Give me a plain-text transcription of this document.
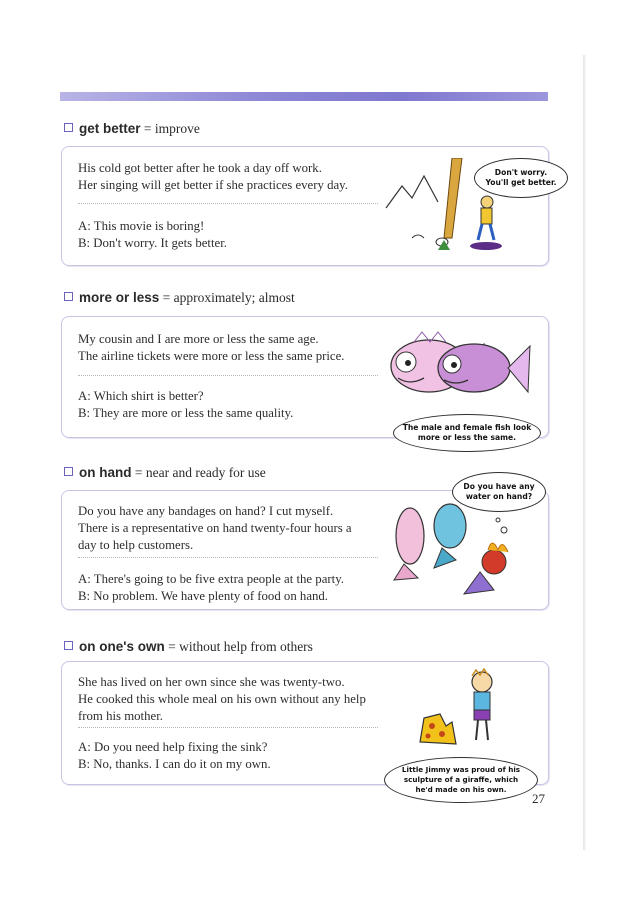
get better = improve
His cold got better after he took a day off work.
Her singing will get better if she practices every day.
A: This movie is boring!
B: Don't worry. It gets better.
Don't worry.
You'll get better.
more or less = approximately; almost
My cousin and I are more or less the same age.
The airline tickets were more or less the same price.
A: Which shirt is better?
B: They are more or less the same quality.
The male and female fish look
more or less the same.
on hand = near and ready for use
Do you have any bandages on hand? I cut myself.
There is a representative on hand twenty-four hours a
day to help customers.
A: There's going to be five extra people at the party.
B: No problem. We have plenty of food on hand.
Do you have any
water on hand?
on one's own = without help from others
She has lived on her own since she was twenty-two.
He cooked this whole meal on his own without any help
from his mother.
A: Do you need help fixing the sink?
B: No, thanks. I can do it on my own.	Little Jimmy was proud of his
sculpture of a giraffe, which
he'd made on his own.
27
